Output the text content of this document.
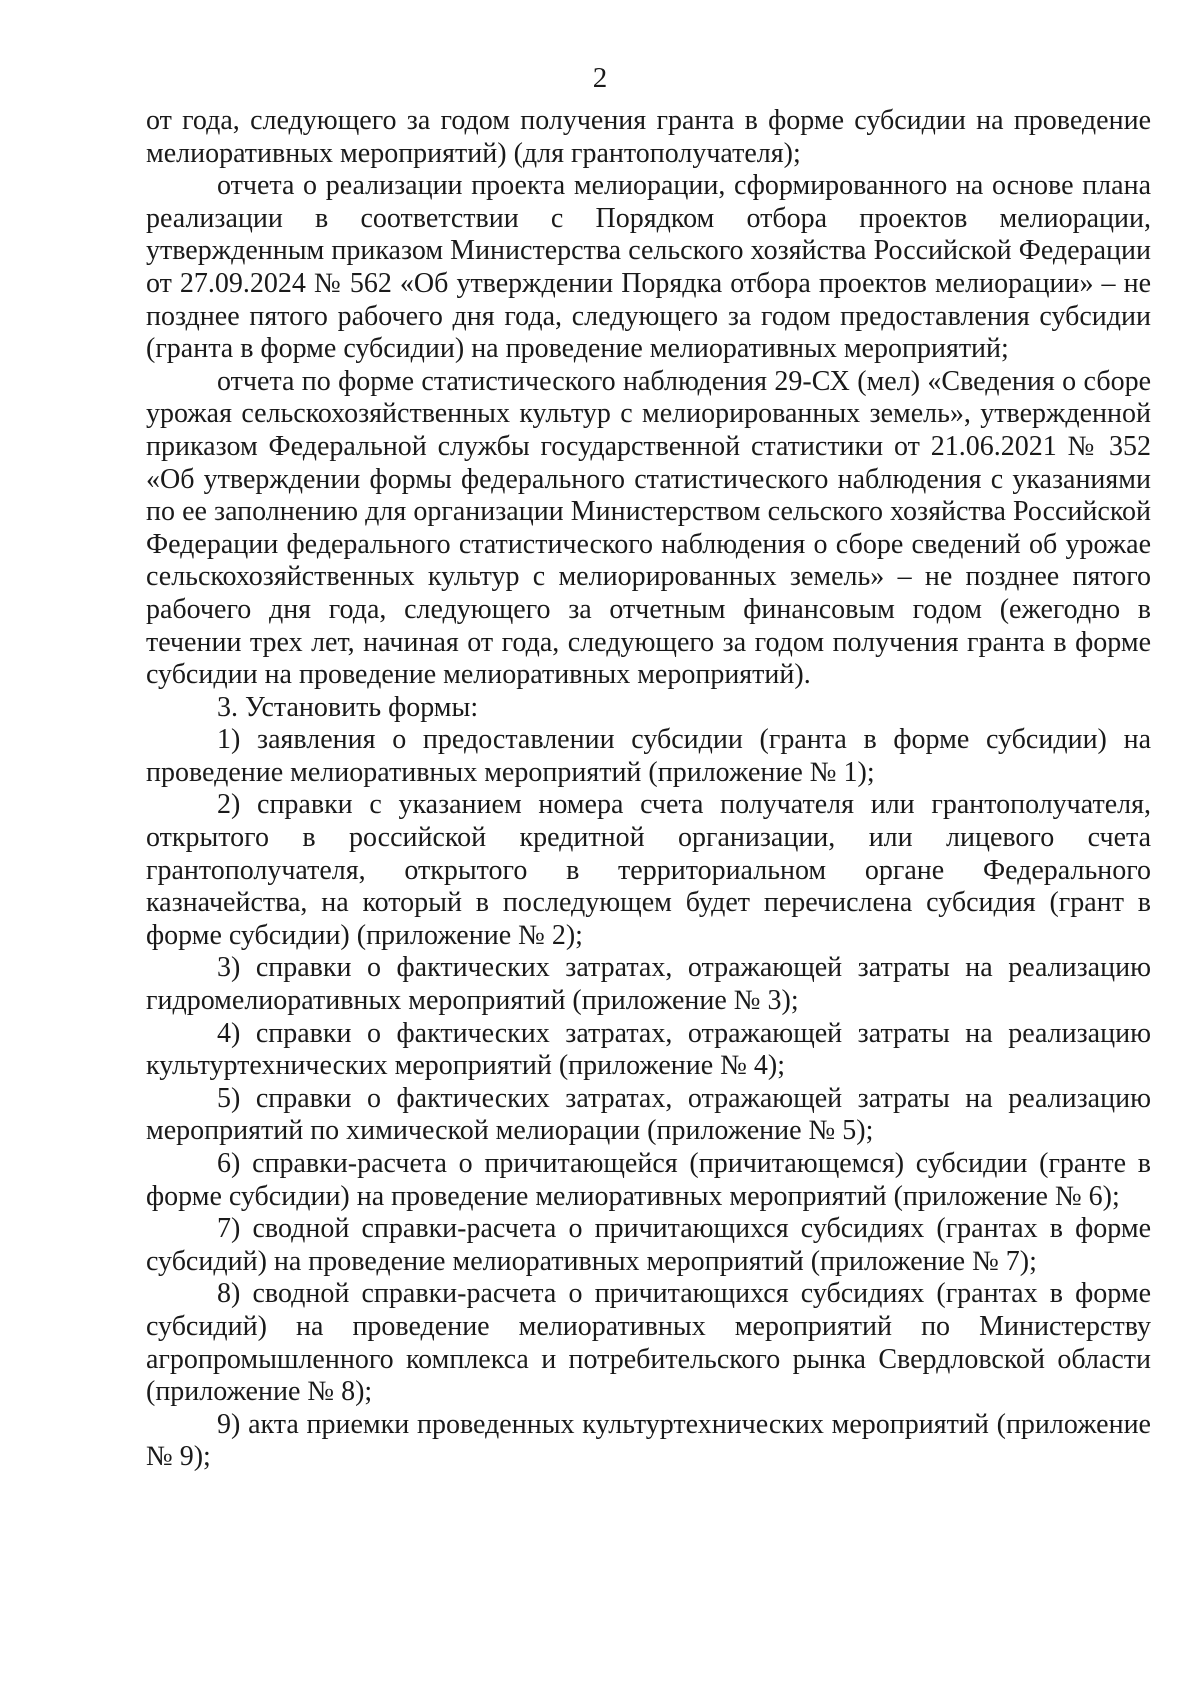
2

от года, следующего за годом получения гранта в форме субсидии на проведение мелиоративных мероприятий) (для грантополучателя);

отчета о реализации проекта мелиорации, сформированного на основе плана реализации в соответствии с Порядком отбора проектов мелиорации, утвержденным приказом Министерства сельского хозяйства Российской Федерации от 27.09.2024 № 562 «Об утверждении Порядка отбора проектов мелиорации» – не позднее пятого рабочего дня года, следующего за годом предоставления субсидии (гранта в форме субсидии) на проведение мелиоративных мероприятий;

отчета по форме статистического наблюдения 29-СХ (мел) «Сведения о сборе урожая сельскохозяйственных культур с мелиорированных земель», утвержденной приказом Федеральной службы государственной статистики от 21.06.2021 № 352 «Об утверждении формы федерального статистического наблюдения с указаниями по ее заполнению для организации Министерством сельского хозяйства Российской Федерации федерального статистического наблюдения о сборе сведений об урожае сельскохозяйственных культур с мелиорированных земель» – не позднее пятого рабочего дня года, следующего за отчетным финансовым годом (ежегодно в течении трех лет, начиная от года, следующего за годом получения гранта в форме субсидии на проведение мелиоративных мероприятий).

3. Установить формы:

1) заявления о предоставлении субсидии (гранта в форме субсидии) на проведение мелиоративных мероприятий (приложение № 1);

2) справки с указанием номера счета получателя или грантополучателя, открытого в российской кредитной организации, или лицевого счета грантополучателя, открытого в территориальном органе Федерального казначейства, на который в последующем будет перечислена субсидия (грант в форме субсидии) (приложение № 2);

3) справки о фактических затратах, отражающей затраты на реализацию гидромелиоративных мероприятий (приложение № 3);

4) справки о фактических затратах, отражающей затраты на реализацию культуртехнических мероприятий (приложение № 4);

5) справки о фактических затратах, отражающей затраты на реализацию мероприятий по химической мелиорации (приложение № 5);

6) справки-расчета о причитающейся (причитающемся) субсидии (гранте в форме субсидии) на проведение мелиоративных мероприятий (приложение № 6);

7) сводной справки-расчета о причитающихся субсидиях (грантах в форме субсидий) на проведение мелиоративных мероприятий (приложение № 7);

8) сводной справки-расчета о причитающихся субсидиях (грантах в форме субсидий) на проведение мелиоративных мероприятий по Министерству агропромышленного комплекса и потребительского рынка Свердловской области (приложение № 8);

9) акта приемки проведенных культуртехнических мероприятий (приложение № 9);
